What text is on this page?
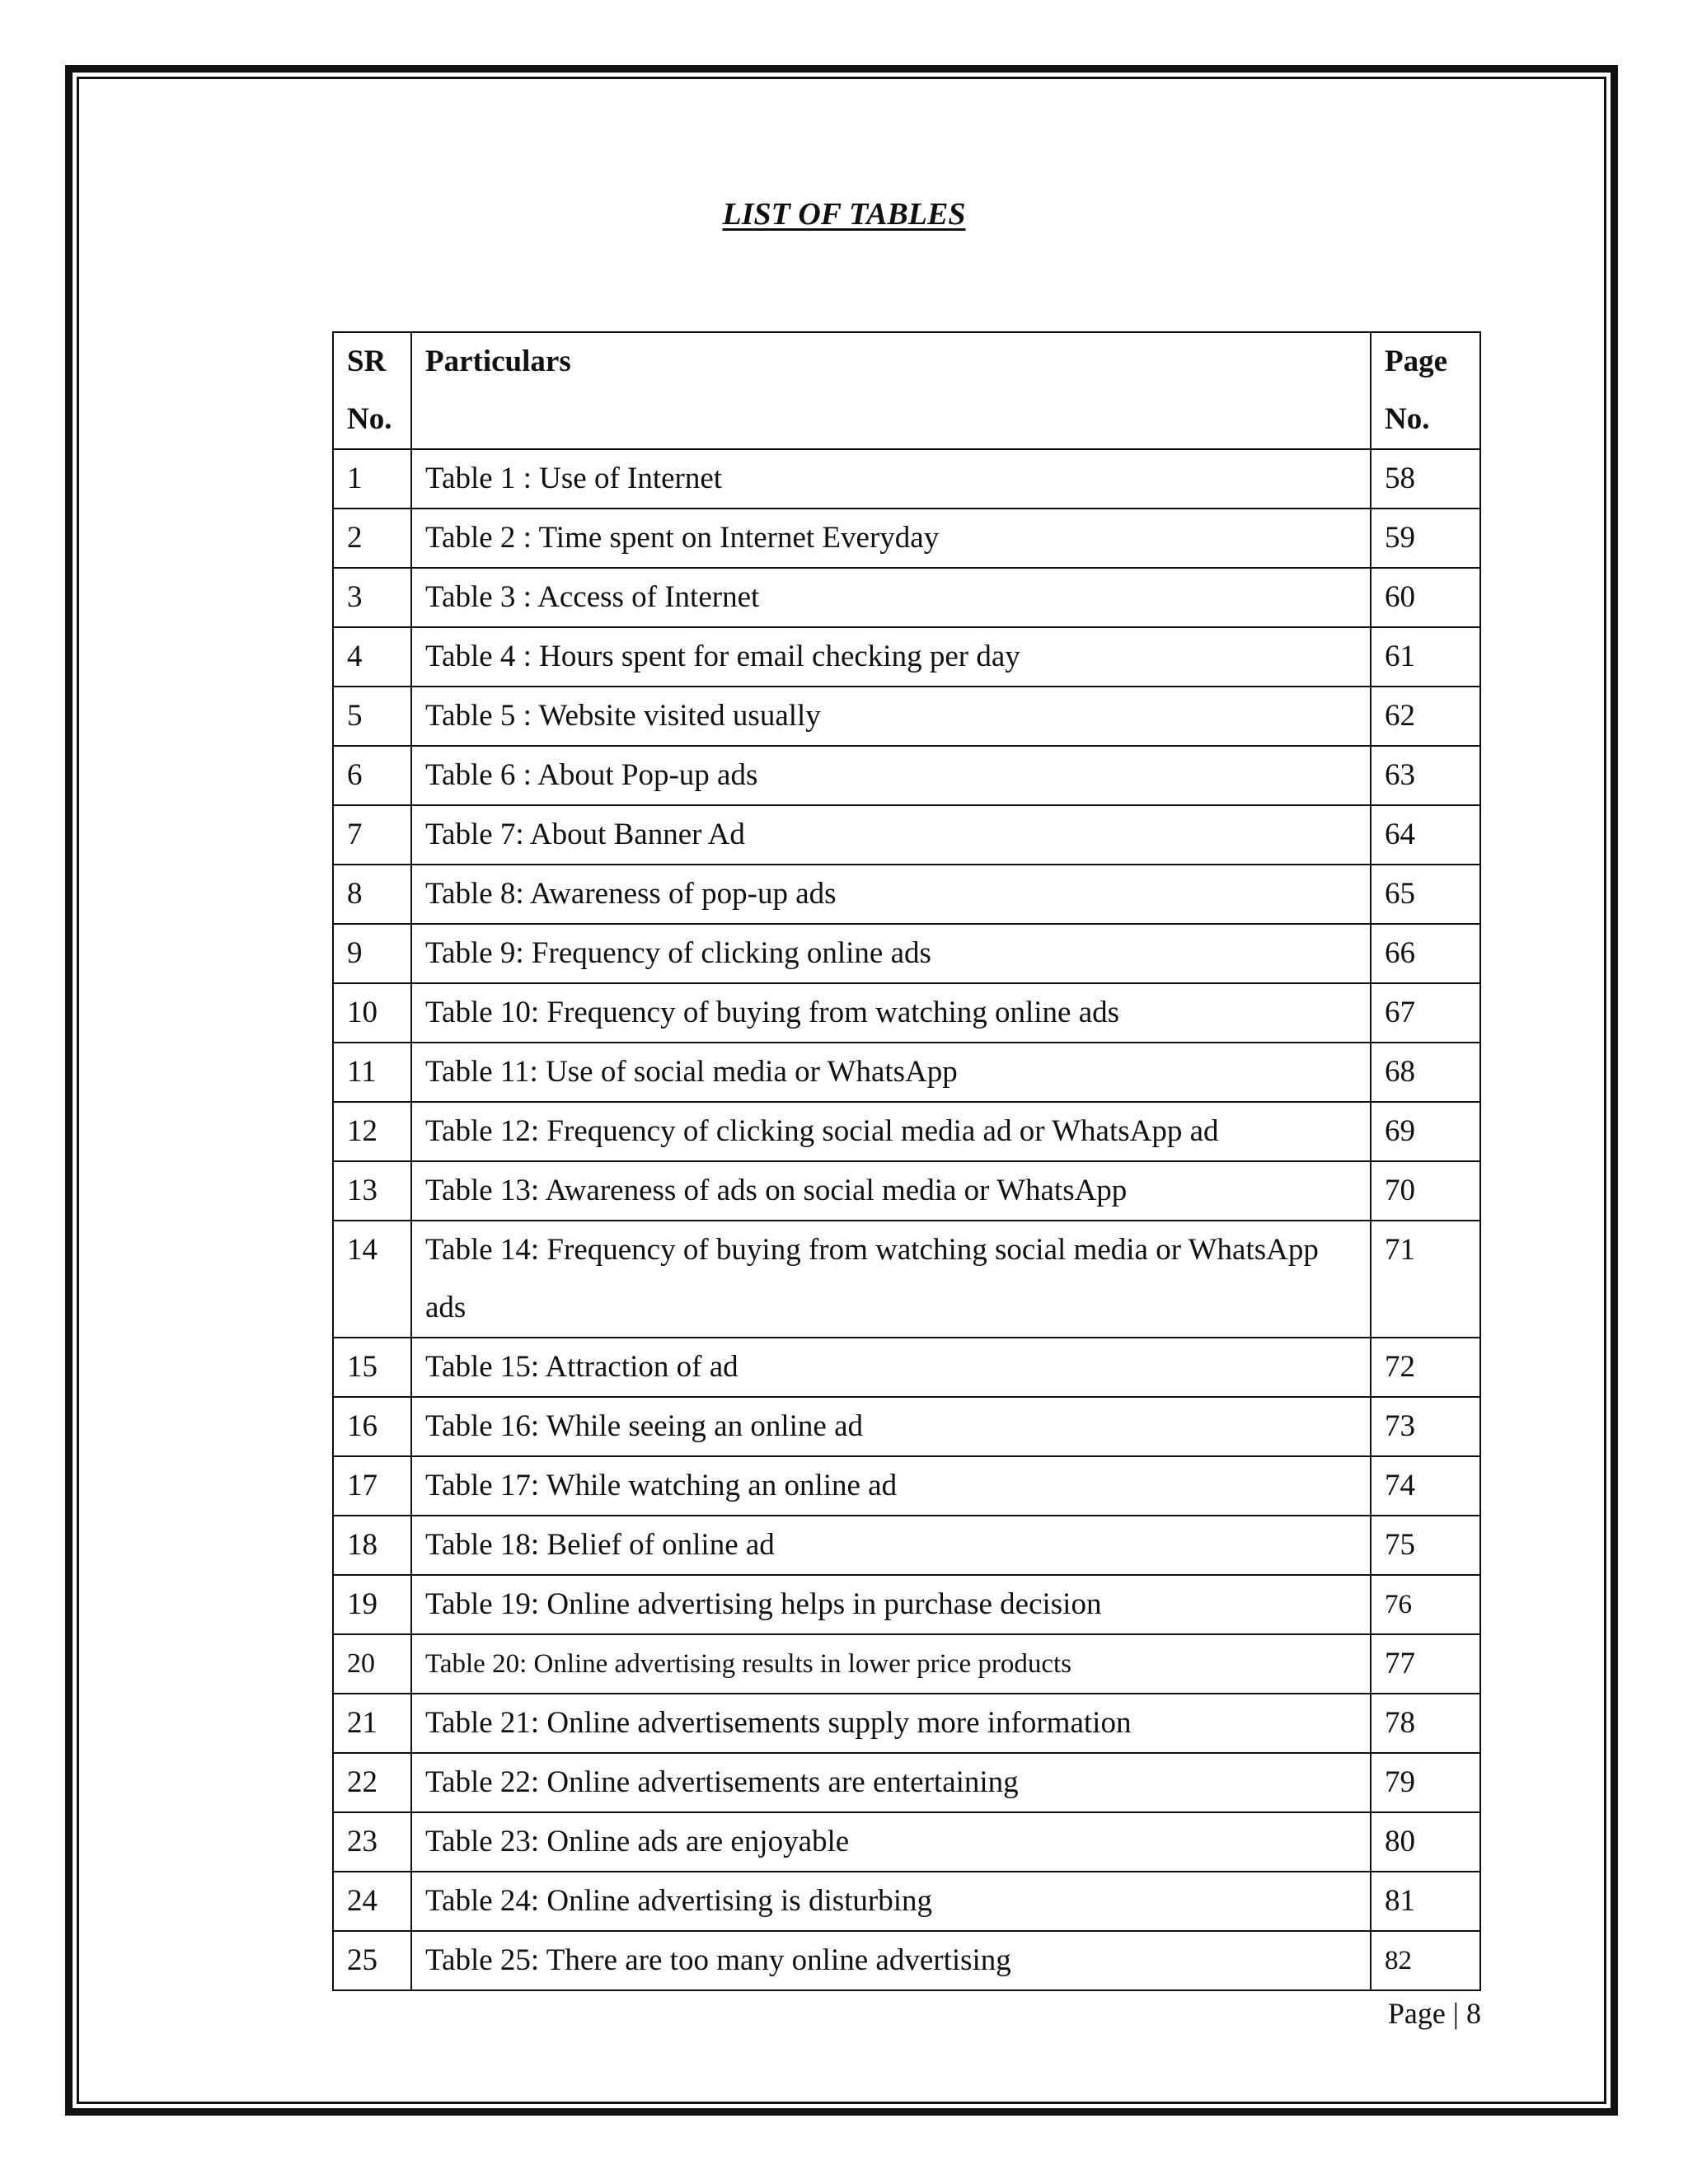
LIST OF TABLES
SR No.	Particulars	Page No.
1	Table 1 : Use of Internet	58
2	Table 2 : Time spent on Internet Everyday	59
3	Table 3 : Access of Internet	60
4	Table 4 : Hours spent for email checking per day	61
5	Table 5 : Website visited usually	62
6	Table 6 : About Pop-up ads	63
7	Table 7: About Banner Ad	64
8	Table 8: Awareness of pop-up ads	65
9	Table 9: Frequency of clicking online ads	66
10	Table 10: Frequency of buying from watching online ads	67
11	Table 11: Use of social media or WhatsApp	68
12	Table 12: Frequency of clicking social media ad or WhatsApp ad	69
13	Table 13: Awareness of ads on social media or WhatsApp	70
14	Table 14: Frequency of buying from watching social media or WhatsApp ads	71
15	Table 15: Attraction of ad	72
16	Table 16: While seeing an online ad	73
17	Table 17: While watching an online ad	74
18	Table 18: Belief of online ad	75
19	Table 19: Online advertising helps in purchase decision	76
20	Table 20: Online advertising results in lower price products	77
21	Table 21: Online advertisements supply more information	78
22	Table 22: Online advertisements are entertaining	79
23	Table 23: Online ads are enjoyable	80
24	Table 24: Online advertising is disturbing	81
25	Table 25: There are too many online advertising	82
Page | 8
